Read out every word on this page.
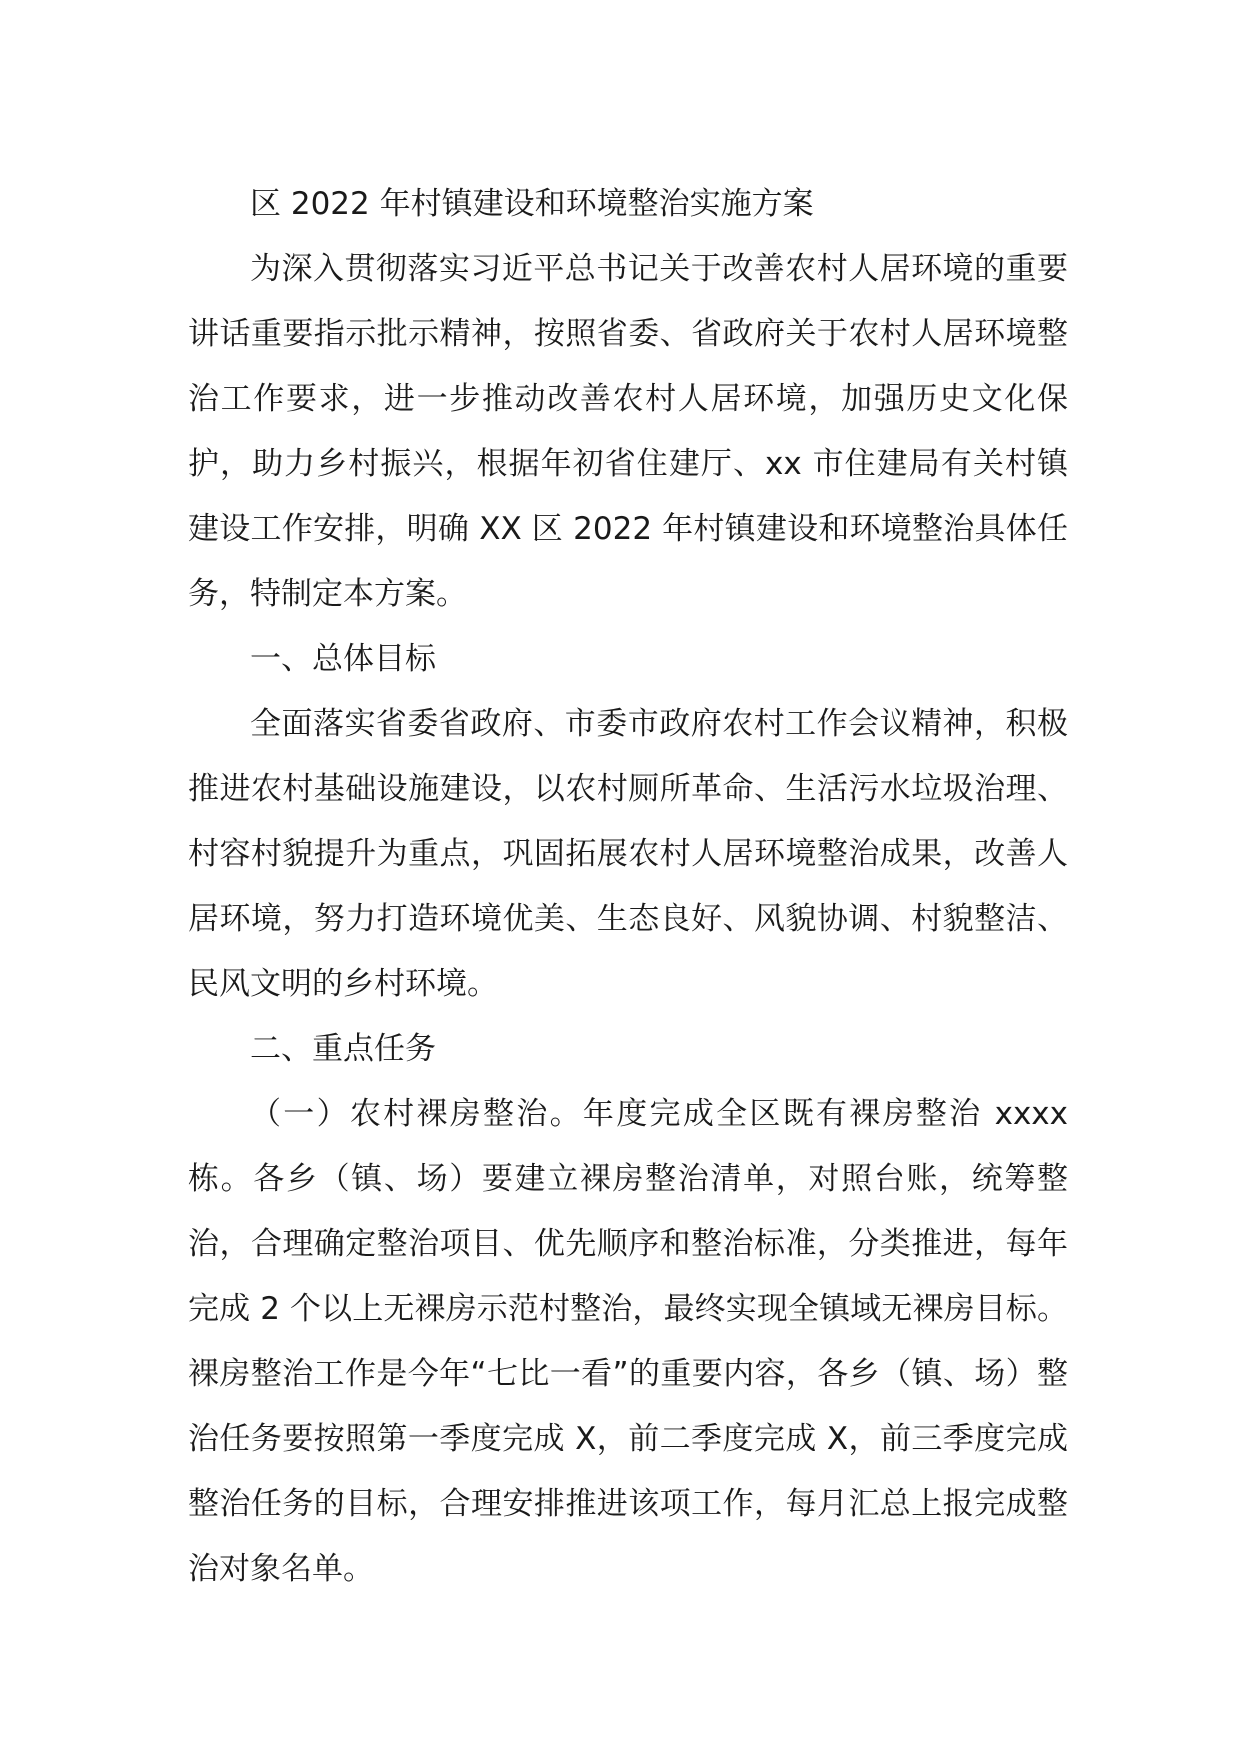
区 2022 年村镇建设和环境整治实施方案

为深入贯彻落实习近平总书记关于改善农村人居环境的重要讲话重要指示批示精神，按照省委、省政府关于农村人居环境整治工作要求，进一步推动改善农村人居环境，加强历史文化保护，助力乡村振兴，根据年初省住建厅、xx 市住建局有关村镇建设工作安排，明确 XX 区 2022 年村镇建设和环境整治具体任务，特制定本方案。

一、总体目标

全面落实省委省政府、市委市政府农村工作会议精神，积极推进农村基础设施建设，以农村厕所革命、生活污水垃圾治理、村容村貌提升为重点，巩固拓展农村人居环境整治成果，改善人居环境，努力打造环境优美、生态良好、风貌协调、村貌整洁、民风文明的乡村环境。

二、重点任务

（一）农村裸房整治。年度完成全区既有裸房整治 xxxx 栋。各乡（镇、场）要建立裸房整治清单，对照台账，统筹整治，合理确定整治项目、优先顺序和整治标准，分类推进，每年完成 2 个以上无裸房示范村整治，最终实现全镇域无裸房目标。裸房整治工作是今年“七比一看”的重要内容，各乡（镇、场）整治任务要按照第一季度完成 X，前二季度完成 X，前三季度完成整治任务的目标，合理安排推进该项工作，每月汇总上报完成整治对象名单。
